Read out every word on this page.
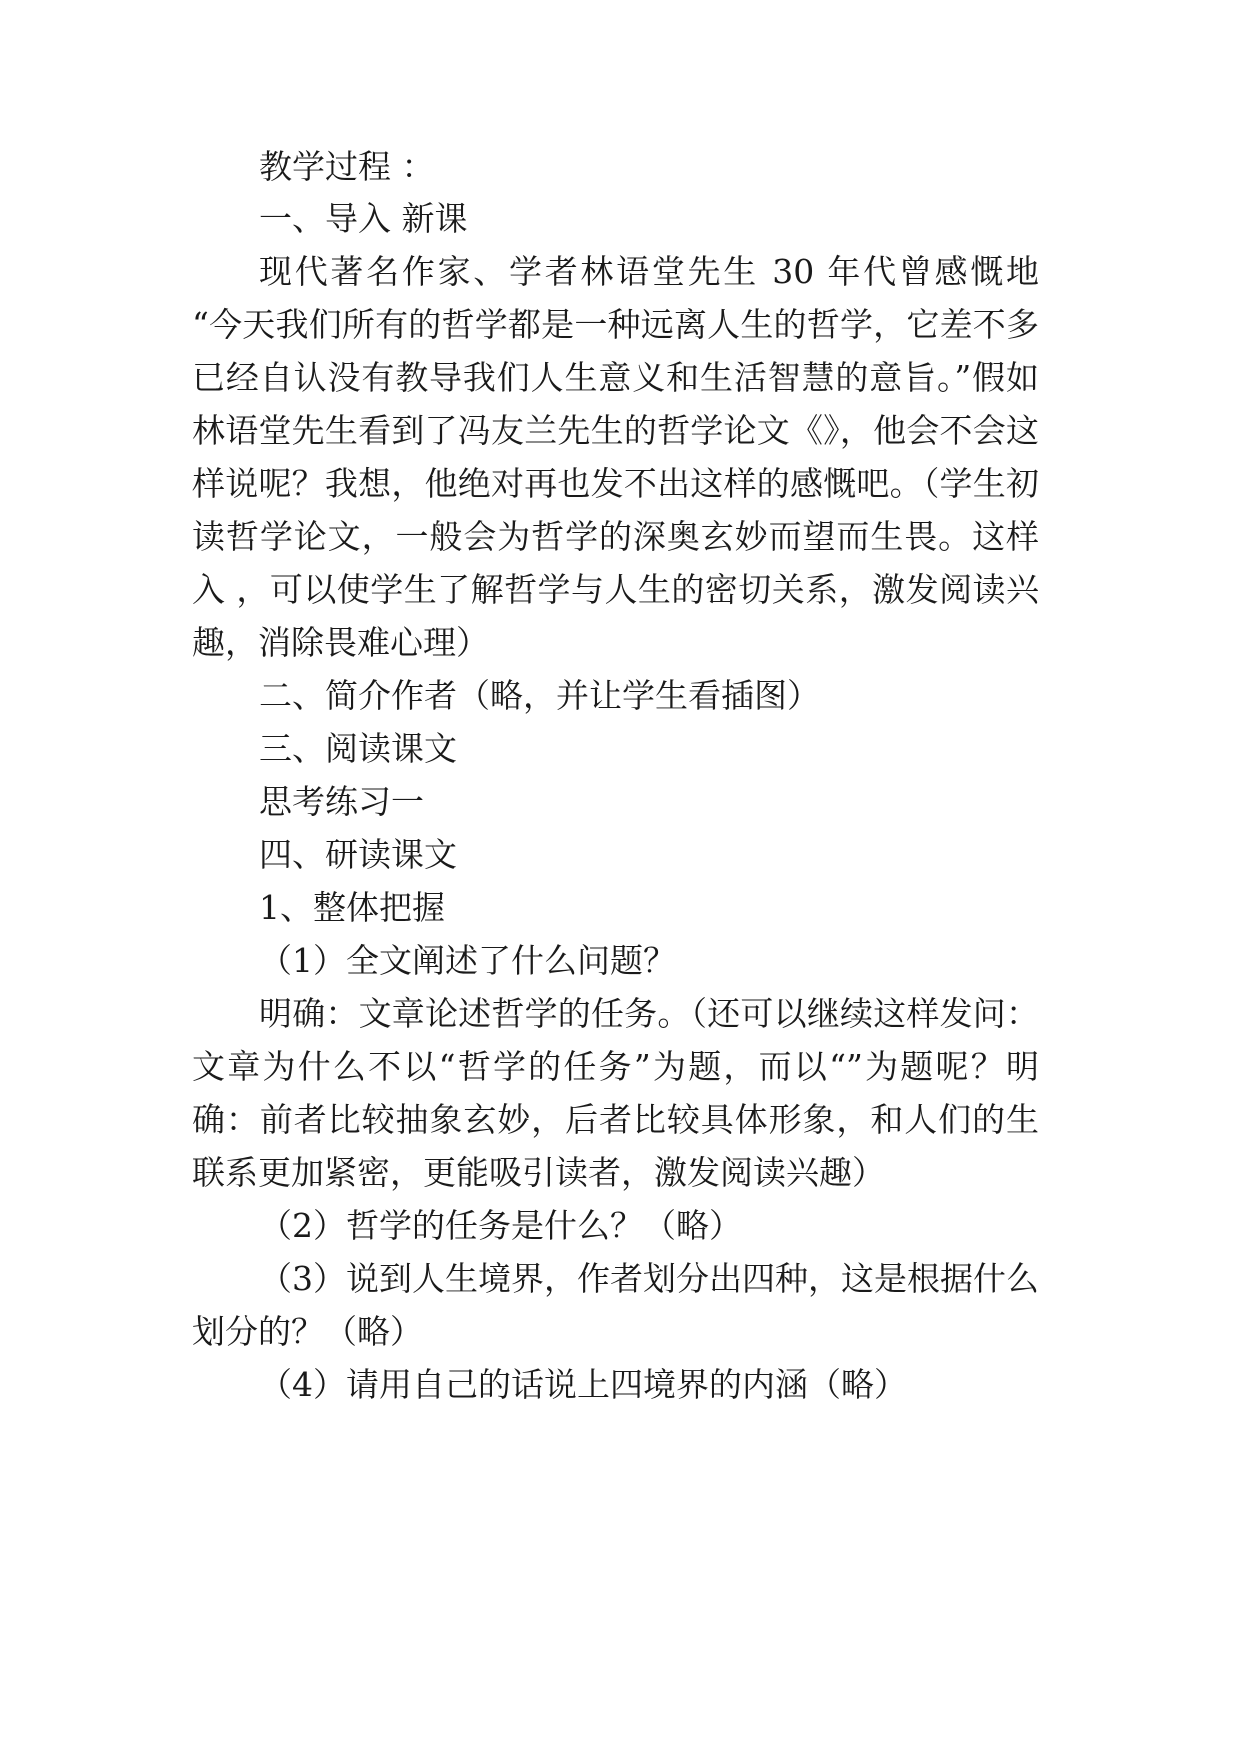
教学过程 ：
一、导入 新课
现代著名作家、学者林语堂先生 30 年代曾感慨地
“今天我们所有的哲学都是一种远离人生的哲学，它差不多
已经自认没有教导我们人生意义和生活智慧的意旨。”假如
林语堂先生看到了冯友兰先生的哲学论文《》，他会不会这
样说呢？我想，他绝对再也发不出这样的感慨吧。（学生初
读哲学论文，一般会为哲学的深奥玄妙而望而生畏。这样
入 ，可以使学生了解哲学与人生的密切关系，激发阅读兴
趣，消除畏难心理）
二、简介作者（略，并让学生看插图）
三、阅读课文
思考练习一
四、研读课文
1、整体把握
（1）全文阐述了什么问题？
明确：文章论述哲学的任务。（还可以继续这样发问：
文章为什么不以“哲学的任务”为题，而以“”为题呢？明
确：前者比较抽象玄妙，后者比较具体形象，和人们的生
联系更加紧密，更能吸引读者，激发阅读兴趣）
（2）哲学的任务是什么？（略）
（3）说到人生境界，作者划分出四种，这是根据什么
划分的？（略）
（4）请用自己的话说上四境界的内涵（略）
